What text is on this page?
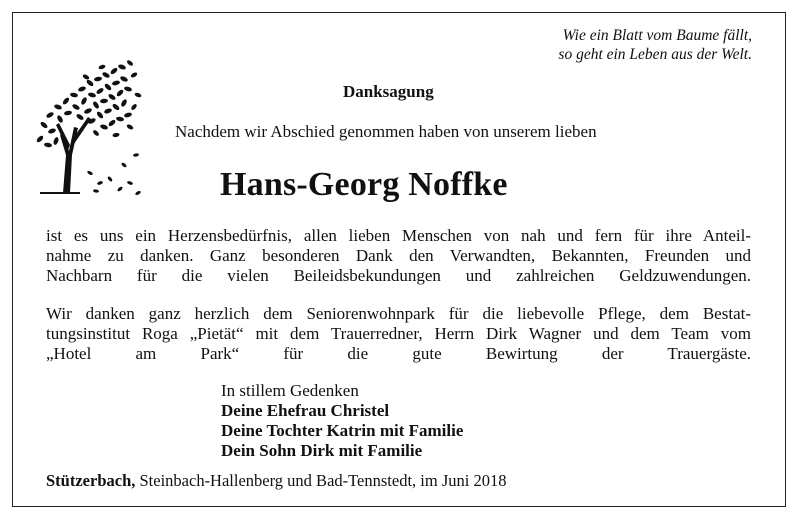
Wie ein Blatt vom Baume fällt,
so geht ein Leben aus der Welt.
Danksagung
Nachdem wir Abschied genommen haben von unserem lieben
Hans-Georg Noffke
ist es uns ein Herzensbedürfnis, allen lieben Menschen von nah und fern für ihre Anteil-
nahme zu danken. Ganz besonderen Dank den Verwandten, Bekannten, Freunden und
Nachbarn für die vielen Beileidsbekundungen und zahlreichen Geldzuwendungen.
Wir danken ganz herzlich dem Seniorenwohnpark für die liebevolle Pflege, dem Bestat-
tungsinstitut Roga „Pietät“ mit dem Trauerredner, Herrn Dirk Wagner und dem Team vom
„Hotel am Park“ für die gute Bewirtung der Trauergäste.
In stillem Gedenken
Deine Ehefrau Christel
Deine Tochter Katrin mit Familie
Dein Sohn Dirk mit Familie
Stützerbach, Steinbach-Hallenberg und Bad-Tennstedt, im Juni 2018
